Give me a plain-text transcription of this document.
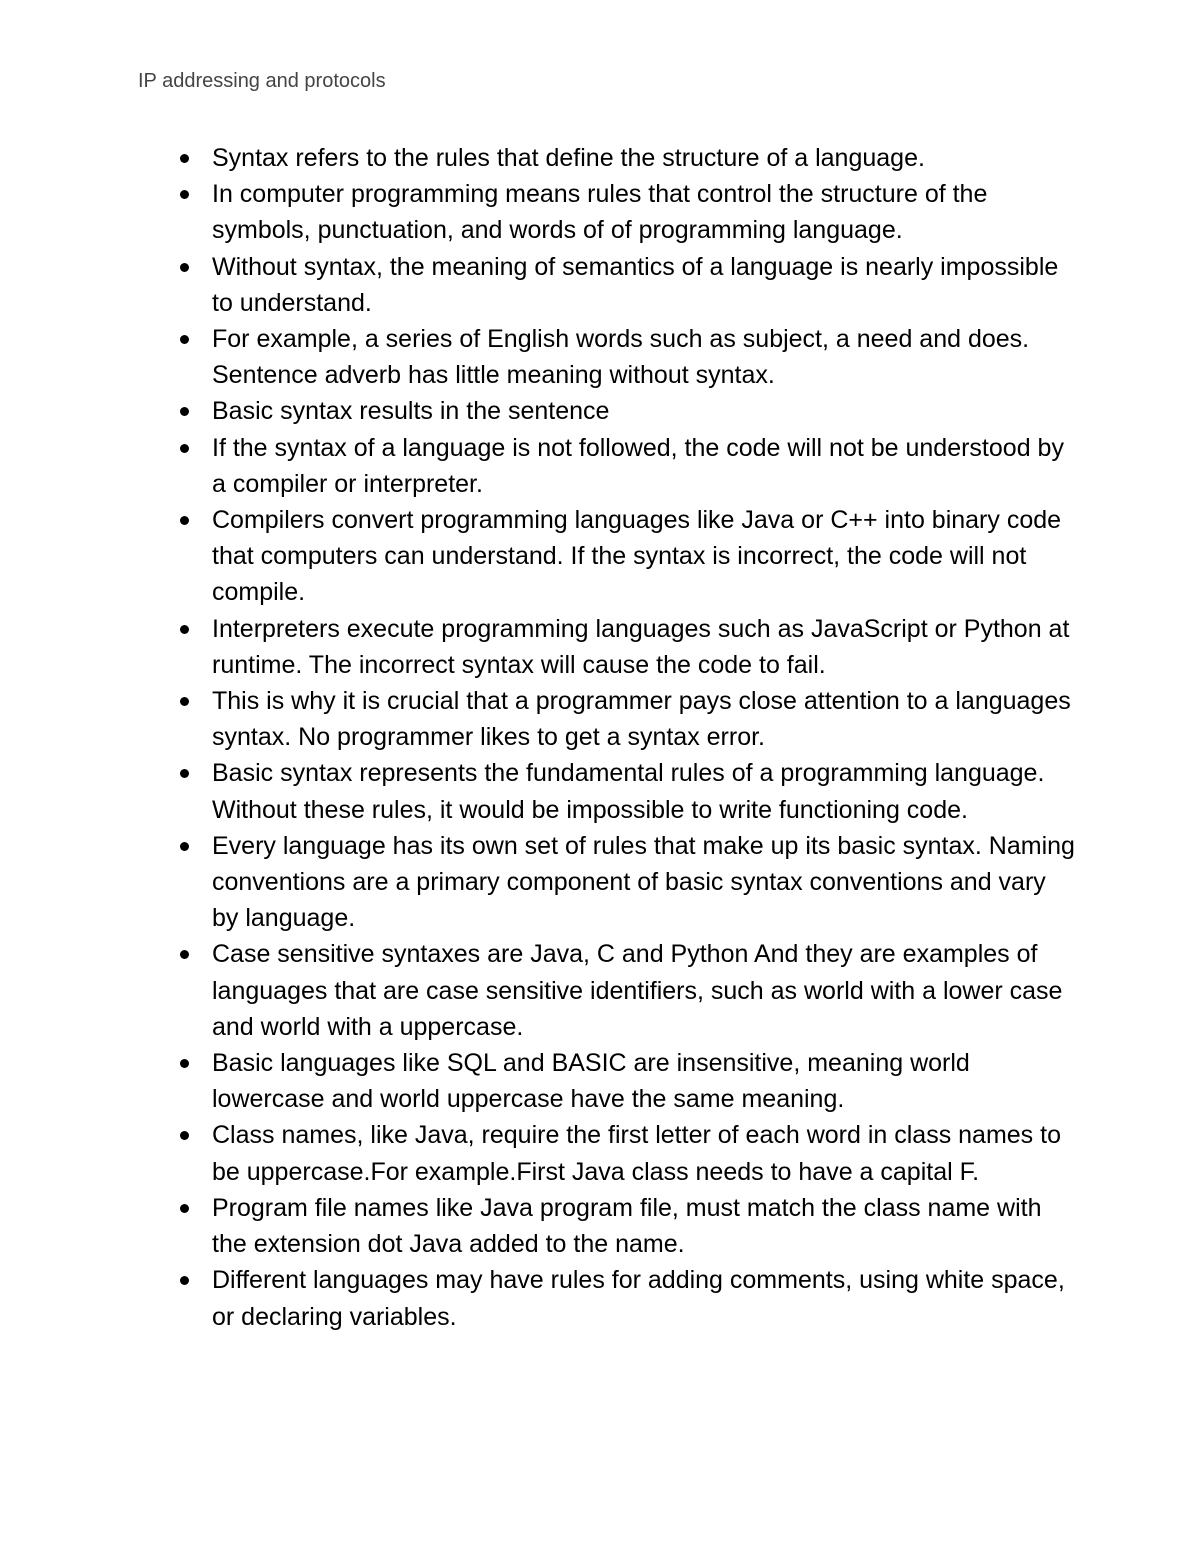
IP addressing and protocols
Syntax refers to the rules that define the structure of a language.
In computer programming means rules that control the structure of the symbols, punctuation, and words of of programming language.
Without syntax, the meaning of semantics of a language is nearly impossible to understand.
For example, a series of English words such as subject, a need and does. Sentence adverb has little meaning without syntax.
Basic syntax results in the sentence
If the syntax of a language is not followed, the code will not be understood by a compiler or interpreter.
Compilers convert programming languages like Java or C++ into binary code that computers can understand. If the syntax is incorrect, the code will not compile.
Interpreters execute programming languages such as JavaScript or Python at runtime. The incorrect syntax will cause the code to fail.
This is why it is crucial that a programmer pays close attention to a languages syntax. No programmer likes to get a syntax error.
Basic syntax represents the fundamental rules of a programming language. Without these rules, it would be impossible to write functioning code.
Every language has its own set of rules that make up its basic syntax. Naming conventions are a primary component of basic syntax conventions and vary by language.
Case sensitive syntaxes are Java, C and Python And they are examples of languages that are case sensitive identifiers, such as world with a lower case and world with a uppercase.
Basic languages like SQL and BASIC are insensitive, meaning world lowercase and world uppercase have the same meaning.
Class names, like Java, require the first letter of each word in class names to be uppercase.For example.First Java class needs to have a capital F.
Program file names like Java program file, must match the class name with the extension dot Java added to the name.
Different languages may have rules for adding comments, using white space, or declaring variables.
